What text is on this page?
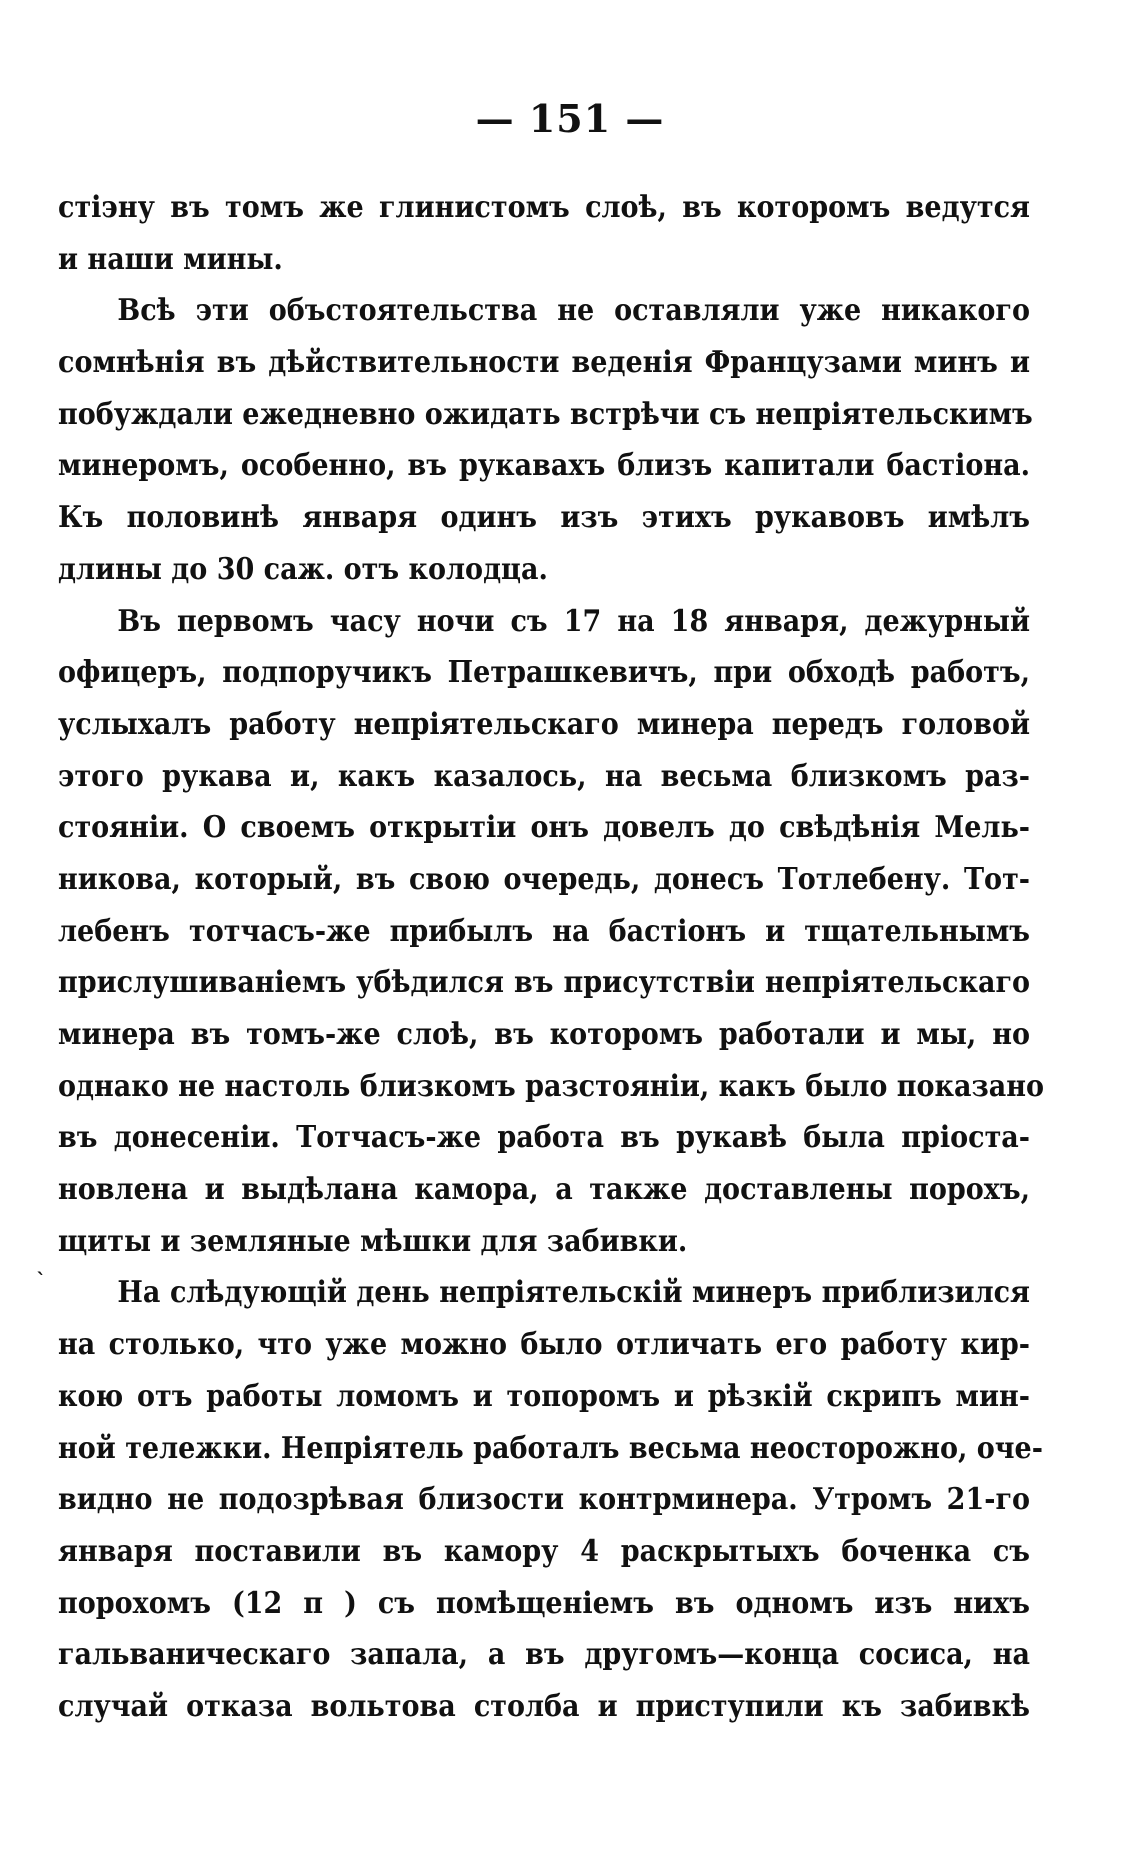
— 151 —
`
стіэну въ томъ же глинистомъ слоѣ, въ которомъ ведутся
и наши мины.
Всѣ эти объстоятельства не оставляли уже никакого
сомнѣнія въ дѣйствительности веденія Французами минъ и
побуждали ежедневно ожидать встрѣчи съ непріятельскимъ
минеромъ, особенно, въ рукавахъ близъ капитали бастіона.
Къ половинѣ января одинъ изъ этихъ рукавовъ имѣлъ
длины до 30 саж. отъ колодца.
Въ первомъ часу ночи съ 17 на 18 января, дежурный
офицеръ, подпоручикъ Петрашкевичъ, при обходѣ работъ,
услыхалъ работу непріятельскаго минера передъ головой
этого рукава и, какъ казалось, на весьма близкомъ раз-
стояніи. О своемъ открытіи онъ довелъ до свѣдѣнія Мель-
никова, который, въ свою очередь, донесъ Тотлебену. Тот-
лебенъ тотчасъ-же прибылъ на бастіонъ и тщательнымъ
прислушиваніемъ убѣдился въ присутствіи непріятельскаго
минера въ томъ-же слоѣ, въ которомъ работали и мы, но
однако не настоль близкомъ разстояніи, какъ было показано
въ донесеніи. Тотчасъ-же работа въ рукавѣ была пріоста-
новлена и выдѣлана камора, а также доставлены порохъ,
щиты и земляные мѣшки для забивки.
На слѣдующій день непріятельскій минеръ приблизился
на столько, что уже можно было отличать его работу кир-
кою отъ работы ломомъ и топоромъ и рѣзкій скрипъ мин-
ной тележки. Непріятель работалъ весьма неосторожно, оче-
видно не подозрѣвая близости контрминера. Утромъ 21-го
января поставили въ камору 4 раскрытыхъ боченка съ
порохомъ (12 п ) съ помѣщеніемъ въ одномъ изъ нихъ
гальваническаго запала, а въ другомъ—конца сосиса, на
случай отказа вольтова столба и приступили къ забивкѣ
